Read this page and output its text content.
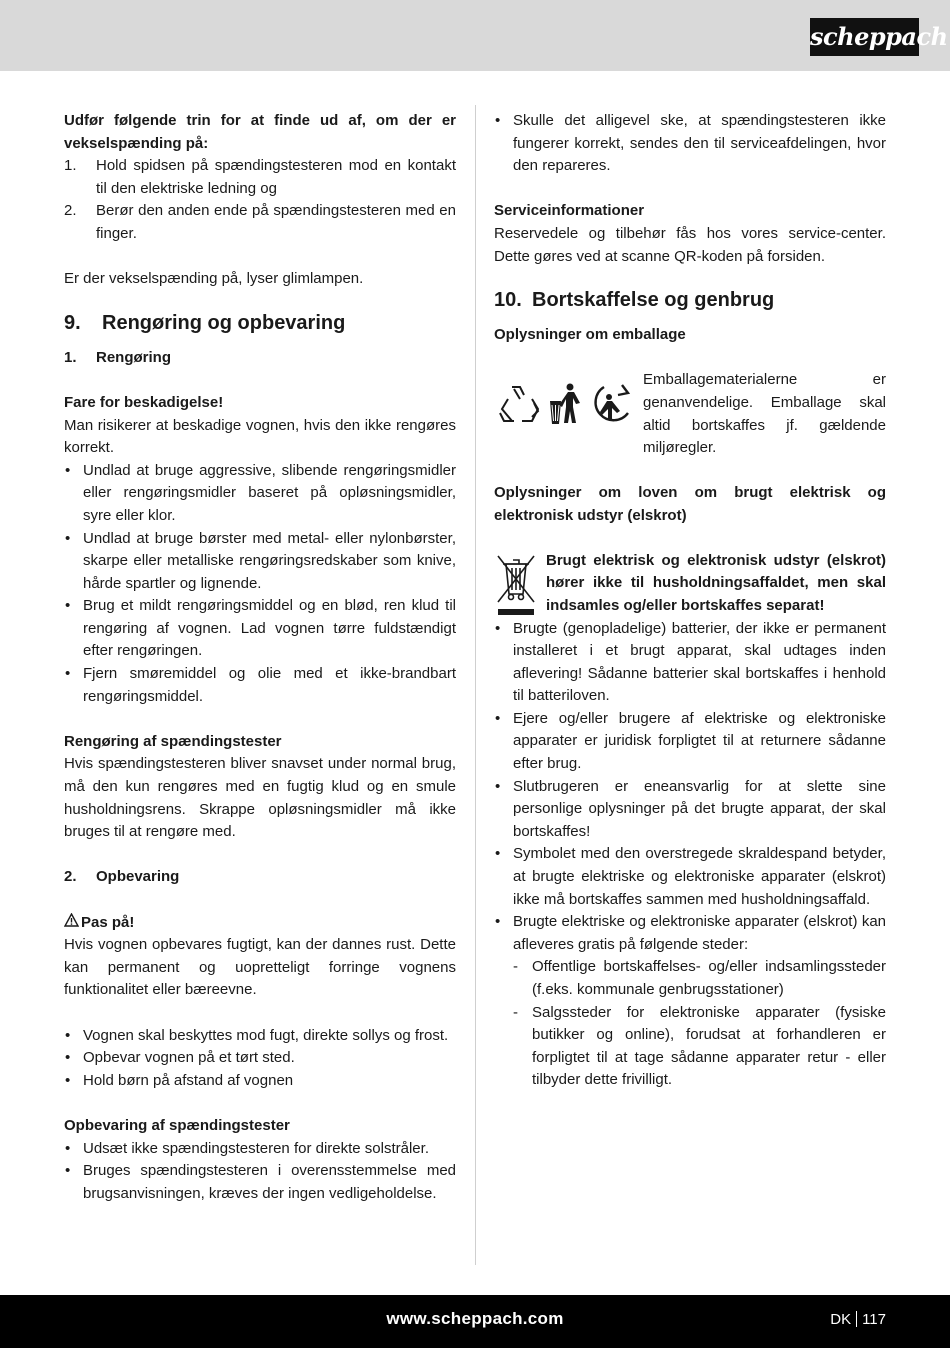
scheppach

Udfør følgende trin for at finde ud af, om der er vekselspænding på:

1. Hold spidsen på spændingstesteren mod en kontakt til den elektriske ledning og
2. Berør den anden ende på spændingstesteren med en finger.

Er der vekselspænding på, lyser glimlampen.

9. Rengøring og opbevaring

1. Rengøring

Fare for beskadigelse!

Man risikerer at beskadige vognen, hvis den ikke rengøres korrekt.

• Undlad at bruge aggressive, slibende rengøringsmidler eller rengøringsmidler baseret på opløsningsmidler, syre eller klor.
• Undlad at bruge børster med metal- eller nylonbørster, skarpe eller metalliske rengøringsredskaber som knive, hårde spartler og lignende.
• Brug et mildt rengøringsmiddel og en blød, ren klud til rengøring af vognen. Lad vognen tørre fuldstændigt efter rengøringen.
• Fjern smøremiddel og olie med et ikke-brandbart rengøringsmiddel.

Rengøring af spændingstester

Hvis spændingstesteren bliver snavset under normal brug, må den kun rengøres med en fugtig klud og en smule husholdningsrens. Skrappe opløsningsmidler må ikke bruges til at rengøre med.

2. Opbevaring

Pas på!

Hvis vognen opbevares fugtigt, kan der dannes rust. Dette kan permanent og uopretteligt forringe vognens funktionalitet eller bæreevne.

• Vognen skal beskyttes mod fugt, direkte sollys og frost.
• Opbevar vognen på et tørt sted.
• Hold børn på afstand af vognen

Opbevaring af spændingstester

• Udsæt ikke spændingstesteren for direkte solstråler.
• Bruges spændingstesteren i overensstemmelse med brugsanvisningen, kræves der ingen vedligeholdelse.
• Skulle det alligevel ske, at spændingstesteren ikke fungerer korrekt, sendes den til serviceafdelingen, hvor den repareres.

Serviceinformationer

Reservedele og tilbehør fås hos vores service-center. Dette gøres ved at scanne QR-koden på forsiden.

10. Bortskaffelse og genbrug

Oplysninger om emballage

Emballagematerialerne er genanvendelige. Emballage skal altid bortskaffes jf. gældende miljøregler.

Oplysninger om loven om brugt elektrisk og elektronisk udstyr (elskrot)

Brugt elektrisk og elektronisk udstyr (elskrot) hører ikke til husholdningsaffaldet, men skal indsamles og/eller bortskaffes separat!

• Brugte (genopladelige) batterier, der ikke er permanent installeret i et brugt apparat, skal udtages inden aflevering! Sådanne batterier skal bortskaffes i henhold til batteriloven.
• Ejere og/eller brugere af elektriske og elektroniske apparater er juridisk forpligtet til at returnere sådanne efter brug.
• Slutbrugeren er eneansvarlig for at slette sine personlige oplysninger på det brugte apparat, der skal bortskaffes!
• Symbolet med den overstregede skraldespand betyder, at brugte elektriske og elektroniske apparater (elskrot) ikke må bortskaffes sammen med husholdningsaffald.
• Brugte elektriske og elektroniske apparater (elskrot) kan afleveres gratis på følgende steder:
- Offentlige bortskaffelses- og/eller indsamlingssteder (f.eks. kommunale genbrugsstationer)
- Salgssteder for elektroniske apparater (fysiske butikker og online), forudsat at forhandleren er forpligtet til at tage sådanne apparater retur - eller tilbyder dette frivilligt.
www.scheppach.com	DK 117
